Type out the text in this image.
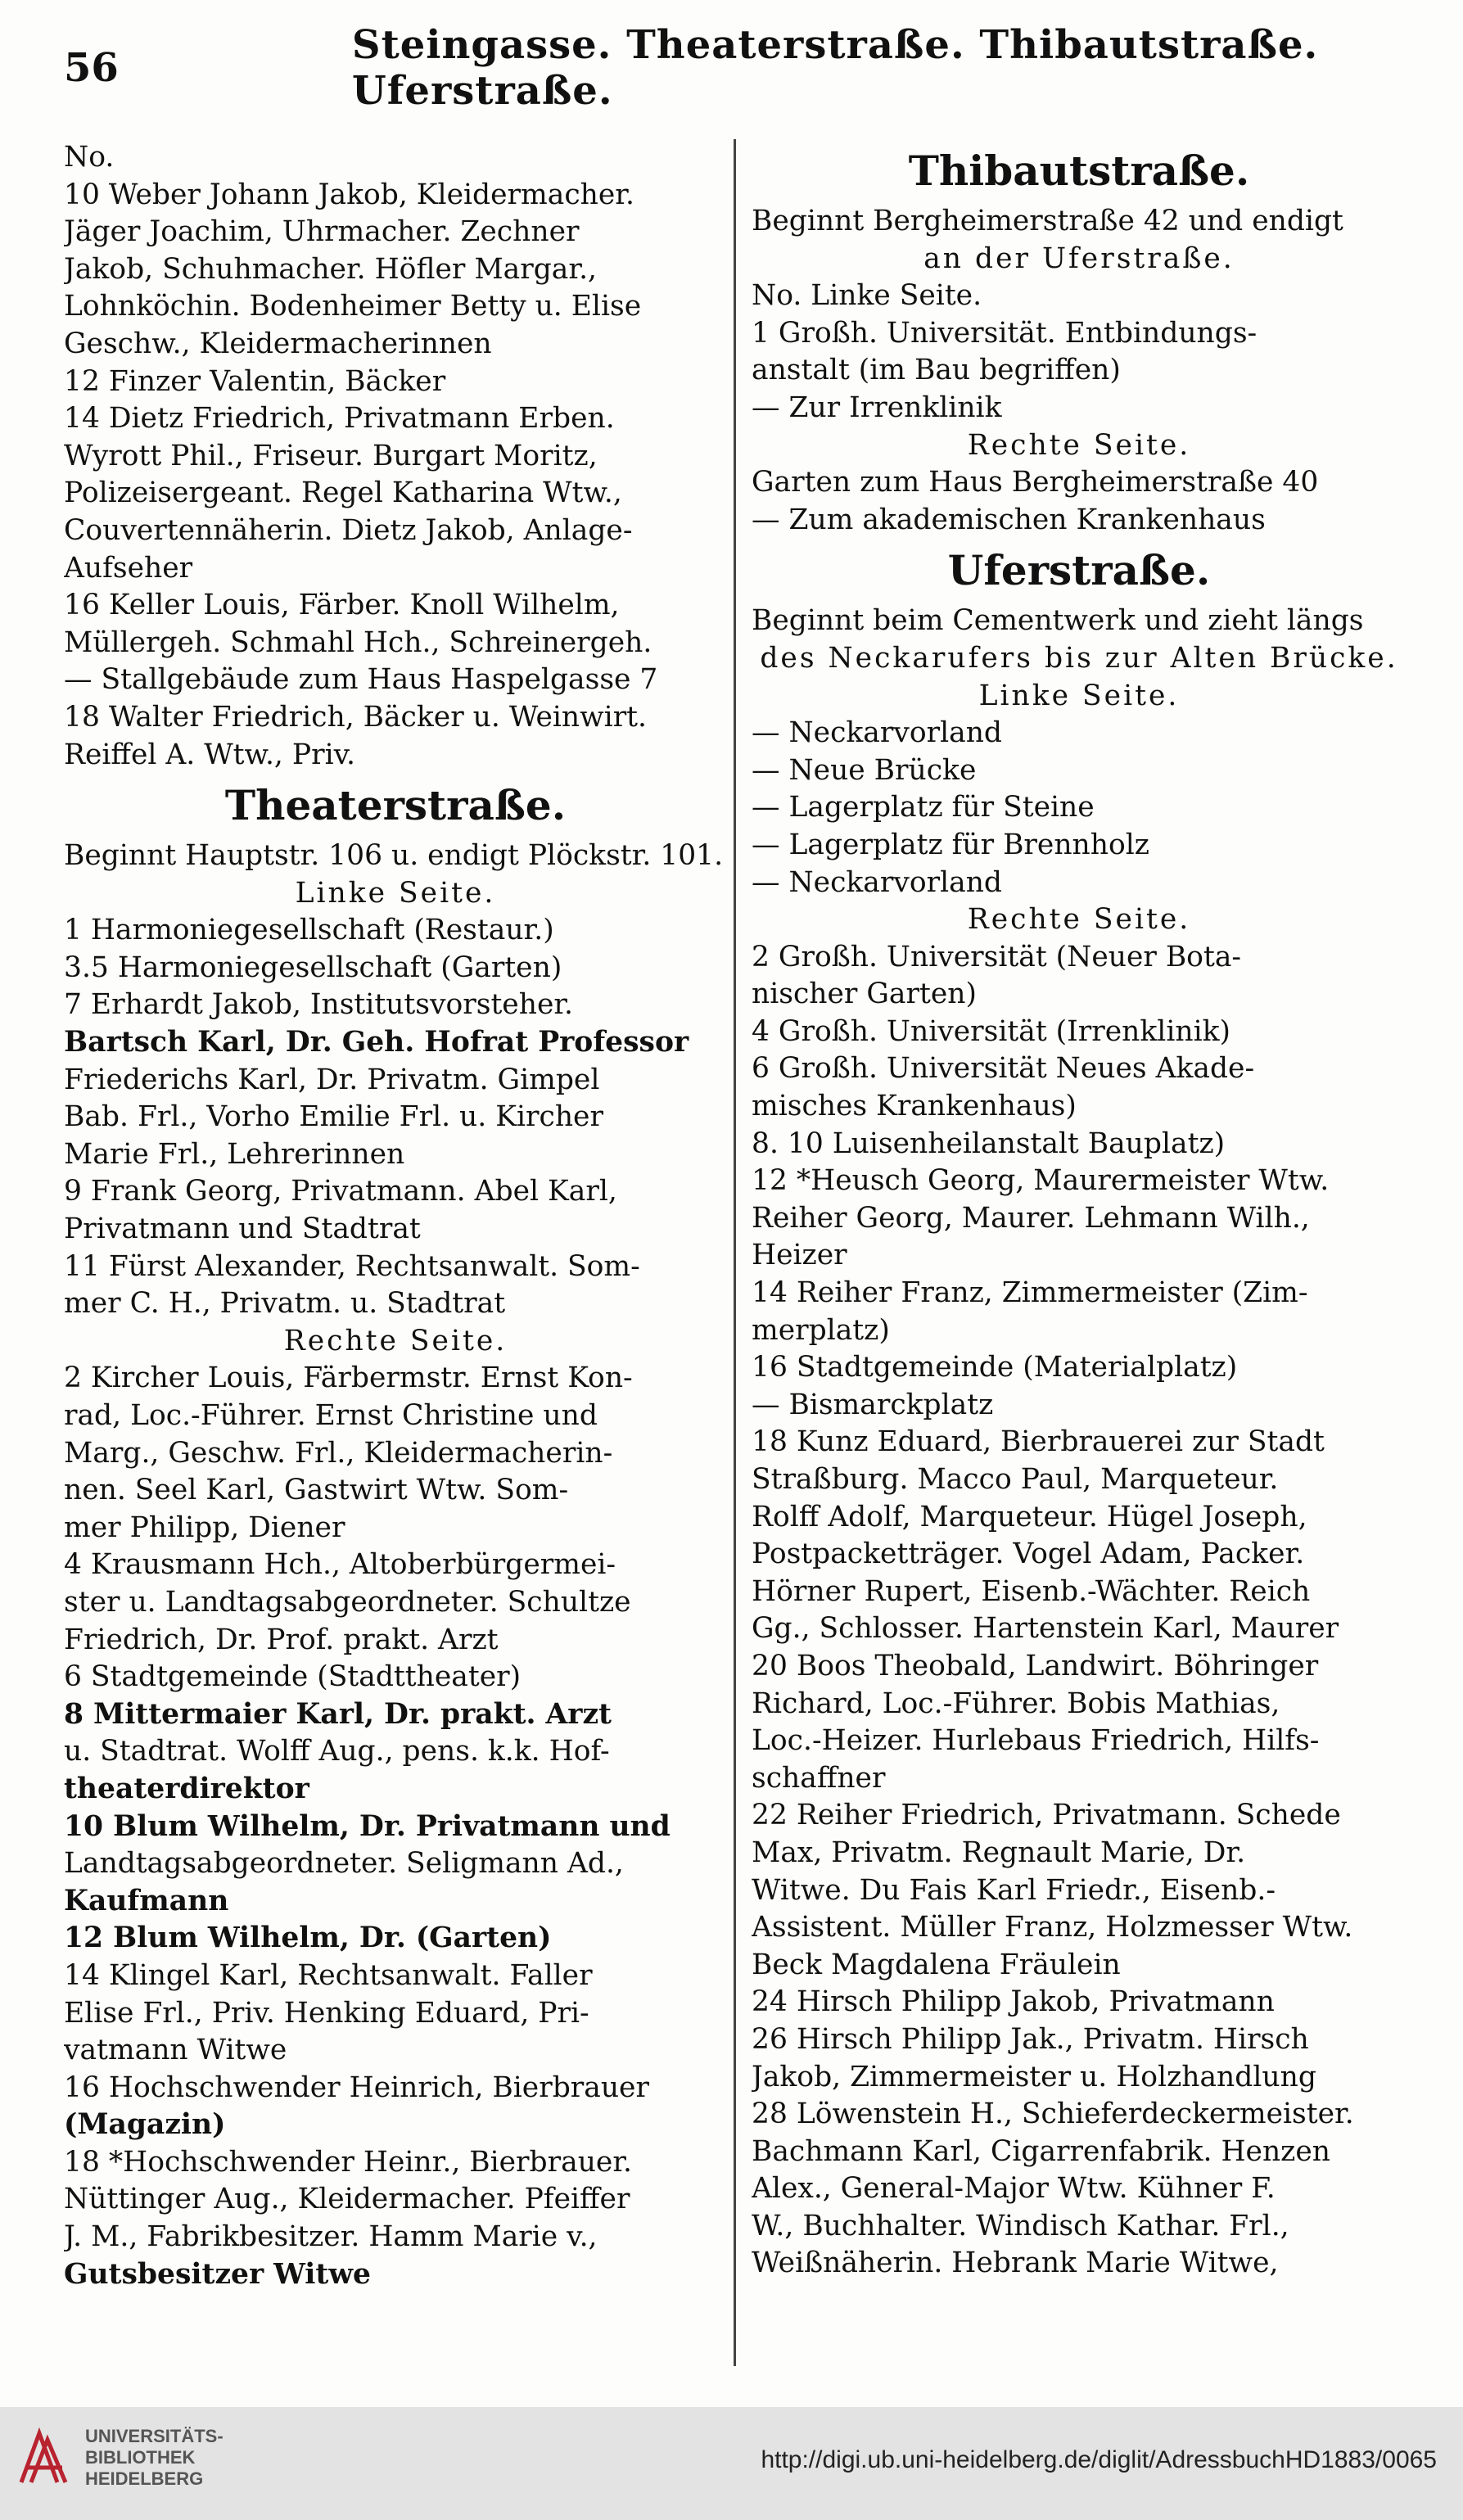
56	Steingasse. Theaterstraße. Thibautstraße. Uferstraße.
No.
10 Weber Johann Jakob, Kleidermacher.
Jäger Joachim, Uhrmacher. Zechner
Jakob, Schuhmacher. Höfler Margar.,
Lohnköchin. Bodenheimer Betty u. Elise
Geschw., Kleidermacherinnen
12 Finzer Valentin, Bäcker
14 Dietz Friedrich, Privatmann Erben.
Wyrott Phil., Friseur. Burgart Moritz,
Polizeisergeant. Regel Katharina Wtw.,
Couvertennäherin. Dietz Jakob, Anlage-
Aufseher
16 Keller Louis, Färber. Knoll Wilhelm,
Müllergeh. Schmahl Hch., Schreinergeh.
— Stallgebäude zum Haus Haspelgasse 7
18 Walter Friedrich, Bäcker u. Weinwirt.
Reiffel A. Wtw., Priv.
Theaterstraße.
Beginnt Hauptstr. 106 u. endigt Plöckstr. 101.
Linke Seite.
1 Harmoniegesellschaft (Restaur.)
3.5 Harmoniegesellschaft (Garten)
7 Erhardt Jakob, Institutsvorsteher.
Bartsch Karl, Dr. Geh. Hofrat Professor
Friederichs Karl, Dr. Privatm. Gimpel
Bab. Frl., Vorho Emilie Frl. u. Kircher
Marie Frl., Lehrerinnen
9 Frank Georg, Privatmann. Abel Karl,
Privatmann und Stadtrat
11 Fürst Alexander, Rechtsanwalt. Som-
mer C. H., Privatm. u. Stadtrat
Rechte Seite.
2 Kircher Louis, Färbermstr. Ernst Kon-
rad, Loc.-Führer. Ernst Christine und
Marg., Geschw. Frl., Kleidermacherin-
nen. Seel Karl, Gastwirt Wtw. Som-
mer Philipp, Diener
4 Krausmann Hch., Altoberbürgermei-
ster u. Landtagsabgeordneter. Schultze
Friedrich, Dr. Prof. prakt. Arzt
6 Stadtgemeinde (Stadttheater)
8 Mittermaier Karl, Dr. prakt. Arzt
u. Stadtrat. Wolff Aug., pens. k.k. Hof-
theaterdirektor
10 Blum Wilhelm, Dr. Privatmann und
Landtagsabgeordneter. Seligmann Ad.,
Kaufmann
12 Blum Wilhelm, Dr. (Garten)
14 Klingel Karl, Rechtsanwalt. Faller
Elise Frl., Priv. Henking Eduard, Pri-
vatmann Witwe
16 Hochschwender Heinrich, Bierbrauer
(Magazin)
18 *Hochschwender Heinr., Bierbrauer.
Nüttinger Aug., Kleidermacher. Pfeiffer
J. M., Fabrikbesitzer. Hamm Marie v.,
Gutsbesitzer Witwe
Thibautstraße.
Beginnt Bergheimerstraße 42 und endigt
an der Uferstraße.
No. Linke Seite.
1 Großh. Universität. Entbindungs-
anstalt (im Bau begriffen)
— Zur Irrenklinik
Rechte Seite.
Garten zum Haus Bergheimerstraße 40
— Zum akademischen Krankenhaus
Uferstraße.
Beginnt beim Cementwerk und zieht längs
des Neckarufers bis zur Alten Brücke.
Linke Seite.
— Neckarvorland
— Neue Brücke
— Lagerplatz für Steine
— Lagerplatz für Brennholz
— Neckarvorland
Rechte Seite.
2 Großh. Universität (Neuer Bota-
nischer Garten)
4 Großh. Universität (Irrenklinik)
6 Großh. Universität Neues Akade-
misches Krankenhaus)
8. 10 Luisenheilanstalt Bauplatz)
12 *Heusch Georg, Maurermeister Wtw.
Reiher Georg, Maurer. Lehmann Wilh.,
Heizer
14 Reiher Franz, Zimmermeister (Zim-
merplatz)
16 Stadtgemeinde (Materialplatz)
— Bismarckplatz
18 Kunz Eduard, Bierbrauerei zur Stadt
Straßburg. Macco Paul, Marqueteur.
Rolff Adolf, Marqueteur. Hügel Joseph,
Postpacketträger. Vogel Adam, Packer.
Hörner Rupert, Eisenb.-Wächter. Reich
Gg., Schlosser. Hartenstein Karl, Maurer
20 Boos Theobald, Landwirt. Böhringer
Richard, Loc.-Führer. Bobis Mathias,
Loc.-Heizer. Hurlebaus Friedrich, Hilfs-
schaffner
22 Reiher Friedrich, Privatmann. Schede
Max, Privatm. Regnault Marie, Dr.
Witwe. Du Fais Karl Friedr., Eisenb.-
Assistent. Müller Franz, Holzmesser Wtw.
Beck Magdalena Fräulein
24 Hirsch Philipp Jakob, Privatmann
26 Hirsch Philipp Jak., Privatm. Hirsch
Jakob, Zimmermeister u. Holzhandlung
28 Löwenstein H., Schieferdeckermeister.
Bachmann Karl, Cigarrenfabrik. Henzen
Alex., General-Major Wtw. Kühner F.
W., Buchhalter. Windisch Kathar. Frl.,
Weißnäherin. Hebrank Marie Witwe,
UNIVERSITÄTS-
BIBLIOTHEK
HEIDELBERG
http://digi.ub.uni-heidelberg.de/diglit/AdressbuchHD1883/0065
